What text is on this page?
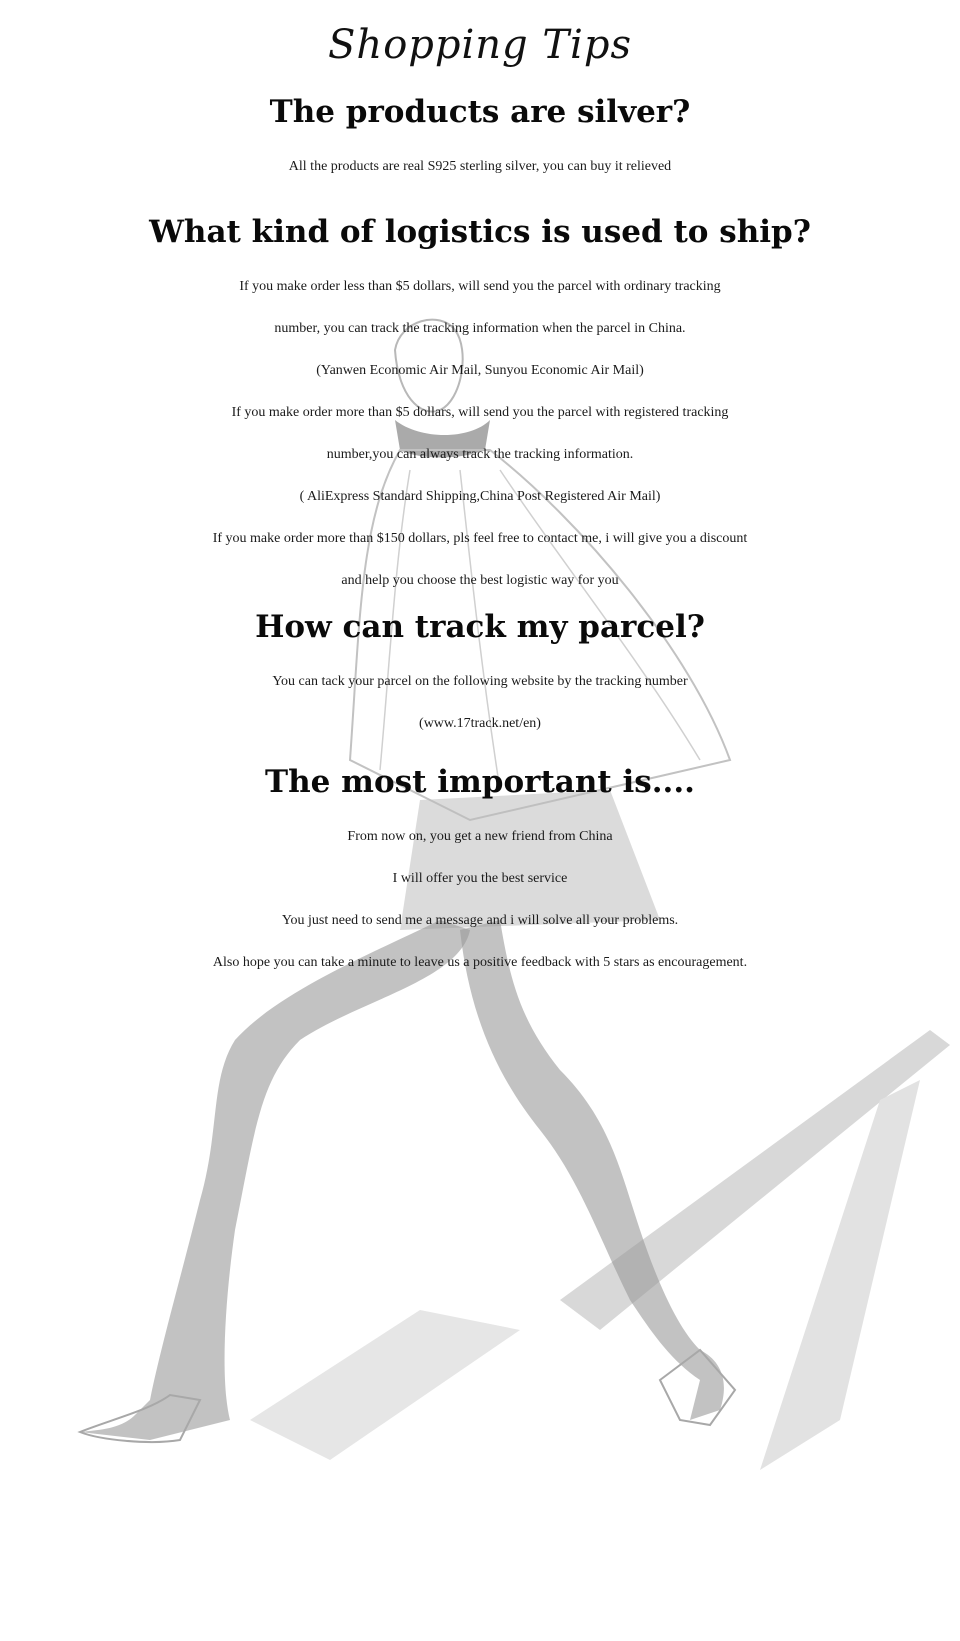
Shopping Tips
The products are silver?

All the products are real S925 sterling silver, you can buy it relieved

What kind of logistics is used to ship?

If you make order less than $5 dollars, will send you the parcel with ordinary tracking

number, you can track the tracking information when the parcel in China.

(Yanwen Economic Air Mail, Sunyou Economic Air Mail)

If you make order more than $5 dollars, will send you the parcel with registered tracking

number,you can always track the tracking information.

( AliExpress Standard Shipping,China Post Registered Air Mail)

If you make order more than $150 dollars, pls feel free to contact me, i will give you a discount

and help you choose the best logistic way for you

How can track my parcel?

You can tack your parcel on the following website by the tracking number

(www.17track.net/en)

The most important is....

From now on, you get a new friend from China

I will offer you the best service

You just need to send me a message and i will solve all your problems.

Also hope you can take a minute to leave us a positive feedback with 5 stars as encouragement.
